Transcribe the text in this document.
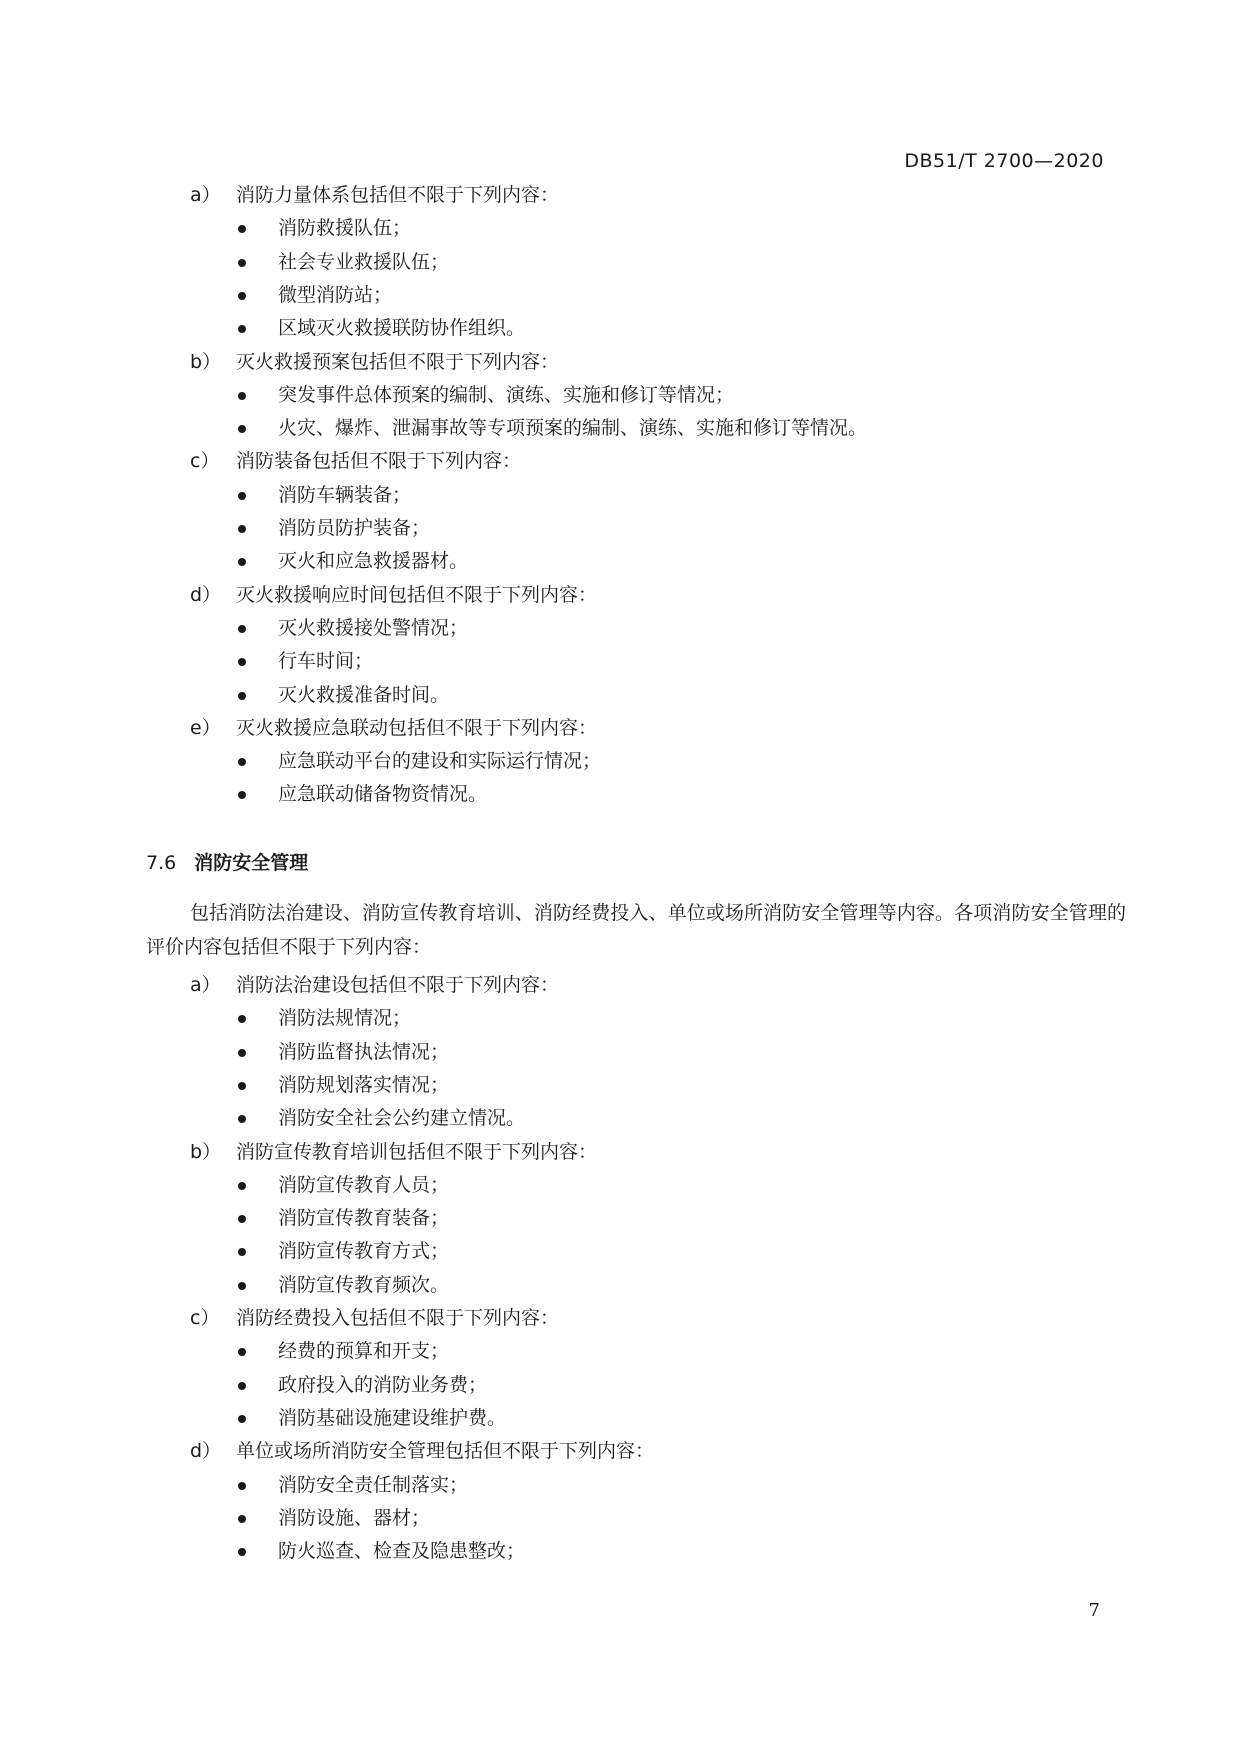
DB51/T 2700—2020
a） 消防力量体系包括但不限于下列内容：
消防救援队伍；
社会专业救援队伍；
微型消防站；
区域灭火救援联防协作组织。
b） 灭火救援预案包括但不限于下列内容：
突发事件总体预案的编制、演练、实施和修订等情况；
火灾、爆炸、泄漏事故等专项预案的编制、演练、实施和修订等情况。
c） 消防装备包括但不限于下列内容：
消防车辆装备；
消防员防护装备；
灭火和应急救援器材。
d） 灭火救援响应时间包括但不限于下列内容：
灭火救援接处警情况；
行车时间；
灭火救援准备时间。
e） 灭火救援应急联动包括但不限于下列内容：
应急联动平台的建设和实际运行情况；
应急联动储备物资情况。
7.6 消防安全管理
包括消防法治建设、消防宣传教育培训、消防经费投入、单位或场所消防安全管理等内容。各项消防安全管理的评价内容包括但不限于下列内容：
a） 消防法治建设包括但不限于下列内容：
消防法规情况；
消防监督执法情况；
消防规划落实情况；
消防安全社会公约建立情况。
b） 消防宣传教育培训包括但不限于下列内容：
消防宣传教育人员；
消防宣传教育装备；
消防宣传教育方式；
消防宣传教育频次。
c） 消防经费投入包括但不限于下列内容：
经费的预算和开支；
政府投入的消防业务费；
消防基础设施建设维护费。
d） 单位或场所消防安全管理包括但不限于下列内容：
消防安全责任制落实；
消防设施、器材；
防火巡查、检查及隐患整改；
7
